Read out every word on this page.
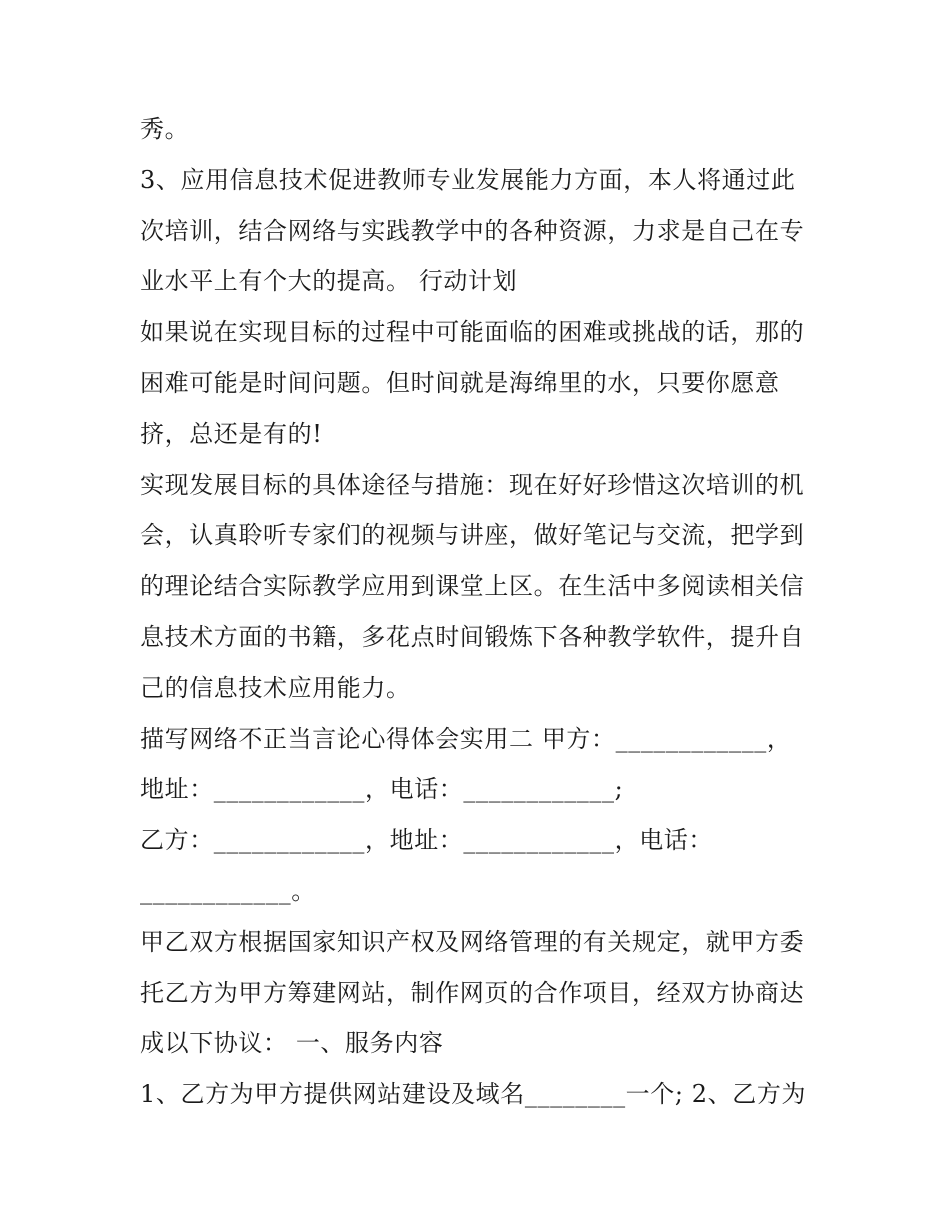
秀。
3、应用信息技术促进教师专业发展能力方面，本人将通过此
次培训，结合网络与实践教学中的各种资源，力求是自己在专
业水平上有个大的提高。 行动计划
如果说在实现目标的过程中可能面临的困难或挑战的话，那的
困难可能是时间问题。但时间就是海绵里的水，只要你愿意
挤，总还是有的!
实现发展目标的具体途径与措施：现在好好珍惜这次培训的机
会，认真聆听专家们的视频与讲座，做好笔记与交流，把学到
的理论结合实际教学应用到课堂上区。在生活中多阅读相关信
息技术方面的书籍，多花点时间锻炼下各种教学软件，提升自
己的信息技术应用能力。
描写网络不正当言论心得体会实用二 甲方：____________，
地址：____________，电话：____________;
乙方：____________，地址：____________，电话：
____________。
甲乙双方根据国家知识产权及网络管理的有关规定，就甲方委
托乙方为甲方筹建网站，制作网页的合作项目，经双方协商达
成以下协议： 一、服务内容
1、乙方为甲方提供网站建设及域名________一个; 2、乙方为
